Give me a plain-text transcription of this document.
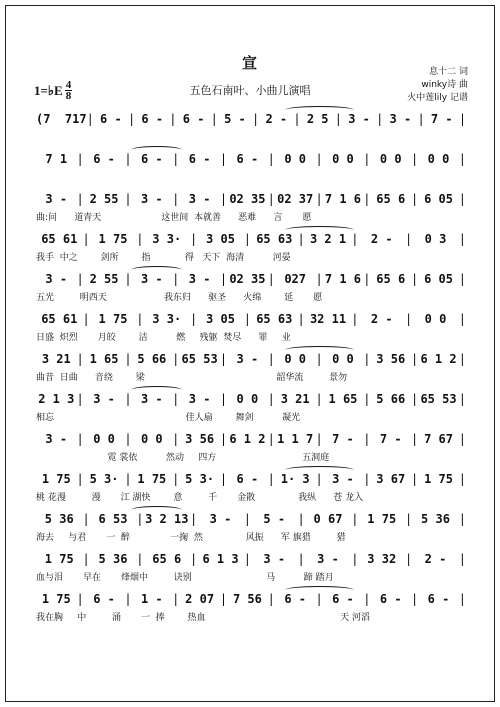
宣
1=♭E $\frac{4}{8}$	五色石南叶、小曲儿演唱
息十二 词
winky诗 曲
火中莲lily 记谱
(7  717 | 6 - | 6 - | 6 - | 5 - | 2 - | 2 5 | 3 - | 3 - | 7 - |
7 1 | 6 - | 6 - | 6 - | 6 - | 0 0 | 0 0 | 0 0 | 0 0 |
3 - | 2 55 | 3 - | 3 - | 02 35 | 02 37 | 7 1 6 | 65 6 | 6 05 |
曲:问      道青天                     这世间  本就善      恶难      言       愿
65 61 | 1 75 | 3 3· | 3 05 | 65 63 | 3 2 1 |	2 -	|	0 3	|
我手  中之        剑所        指            得   天下  海清          河晏
3 - | 2 55 | 3 - | 3 - | 02 35 | 027 | 7 1 6 | 65 6 | 6 05 |
五光         明西天                    我东归      驱圣      火绵        延       愿
65 61 | 1 75 | 3 3· | 3 05 | 65 63 | 32 11 |	2 -	|	0 0	|
日盛  炽烈       月皎        洁          燃     残躯  焚尽      罪     业
3 21 | 1 65 | 5 66 | 65 53 | 3 - | 0 0 | 0 0 | 3 56 | 6 1 2 |
曲昔  日曲      音绕        梁                                              韶华流         景勿
2 1 3 | 3 - | 3 - | 3 - | 0 0 | 3 21 | 1 65 | 5 66 | 65 53 |
相忘                                              佳人扇        舞剑          凝光
3 - | 0 0 | 0 0 | 3 56 | 6 1 2 | 1 1 7 | 7 - | 7 - | 7 67 |
霓 裳依          然动     四方                              五洞庭
1 75 | 5 3· | 1 75 | 5 3· | 6 - | 1· 3 | 3 - | 3 67 | 1 75 |
桃 花漫         漫       江 湖快        意         千       金散               我纵      苍 龙入
5 36 | 6 53 | 3 2 13 |	3 -	|	5 -	| 0 67 | 1 75 | 5 36 |
海去     与君       一  醉              一掬  然               风振      军 旗猎         猎
1 75 | 5 36 | 65 6 | 6 1 3 |	3 -	|	3 -	| 3 32 |	2 -	|
血与泪       早在       烽烟中         诀别                          马          蹄 踏月
1 75 | 6 - | 1 - | 2 07 | 7 56 | 6 - | 6 - | 6 - | 6 - |
我在胸     中         涌       一  捧        热血                                               天 河滔
